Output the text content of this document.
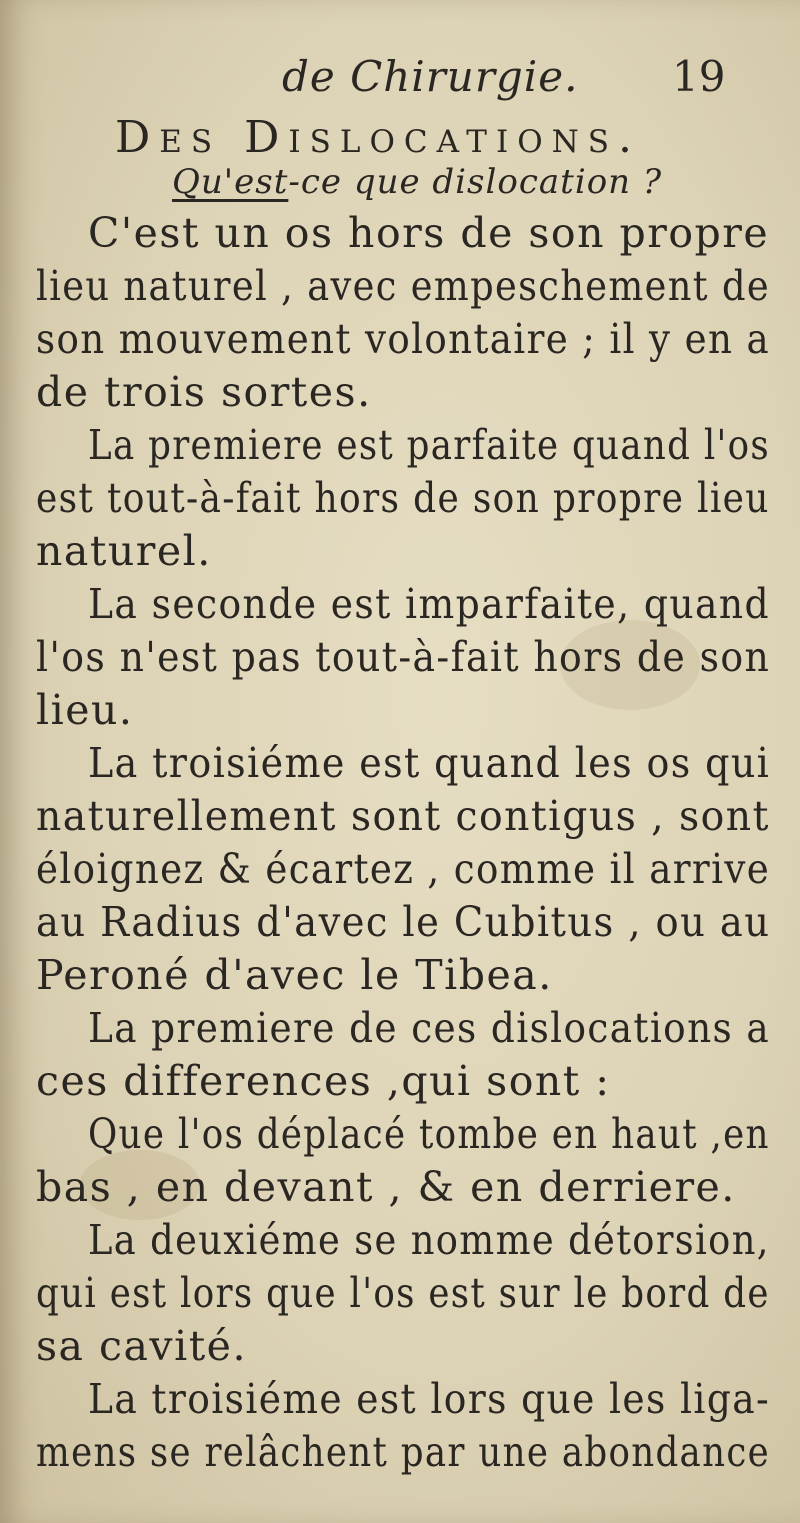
de Chirurgie. 19
Des Dislocations.
Qu'est-ce que dislocation ?
C'est un os hors de son propre
lieu naturel , avec empeschement de
son mouvement volontaire ; il y en a
de trois sortes.
La premiere est parfaite quand l'os
est tout-à-fait hors de son propre lieu
naturel.
La seconde est imparfaite, quand
l'os n'est pas tout-à-fait hors de son
lieu.
La troisiéme est quand les os qui
naturellement sont contigus , sont
éloignez & écartez , comme il arrive
au Radius d'avec le Cubitus , ou au
Peroné d'avec le Tibea.
La premiere de ces dislocations a
ces differences ,qui sont :
Que l'os déplacé tombe en haut ,en
bas , en devant , & en derriere.
La deuxiéme se nomme détorsion,
qui est lors que l'os est sur le bord de
sa cavité.
La troisiéme est lors que les liga-
mens se relâchent par une abondance
